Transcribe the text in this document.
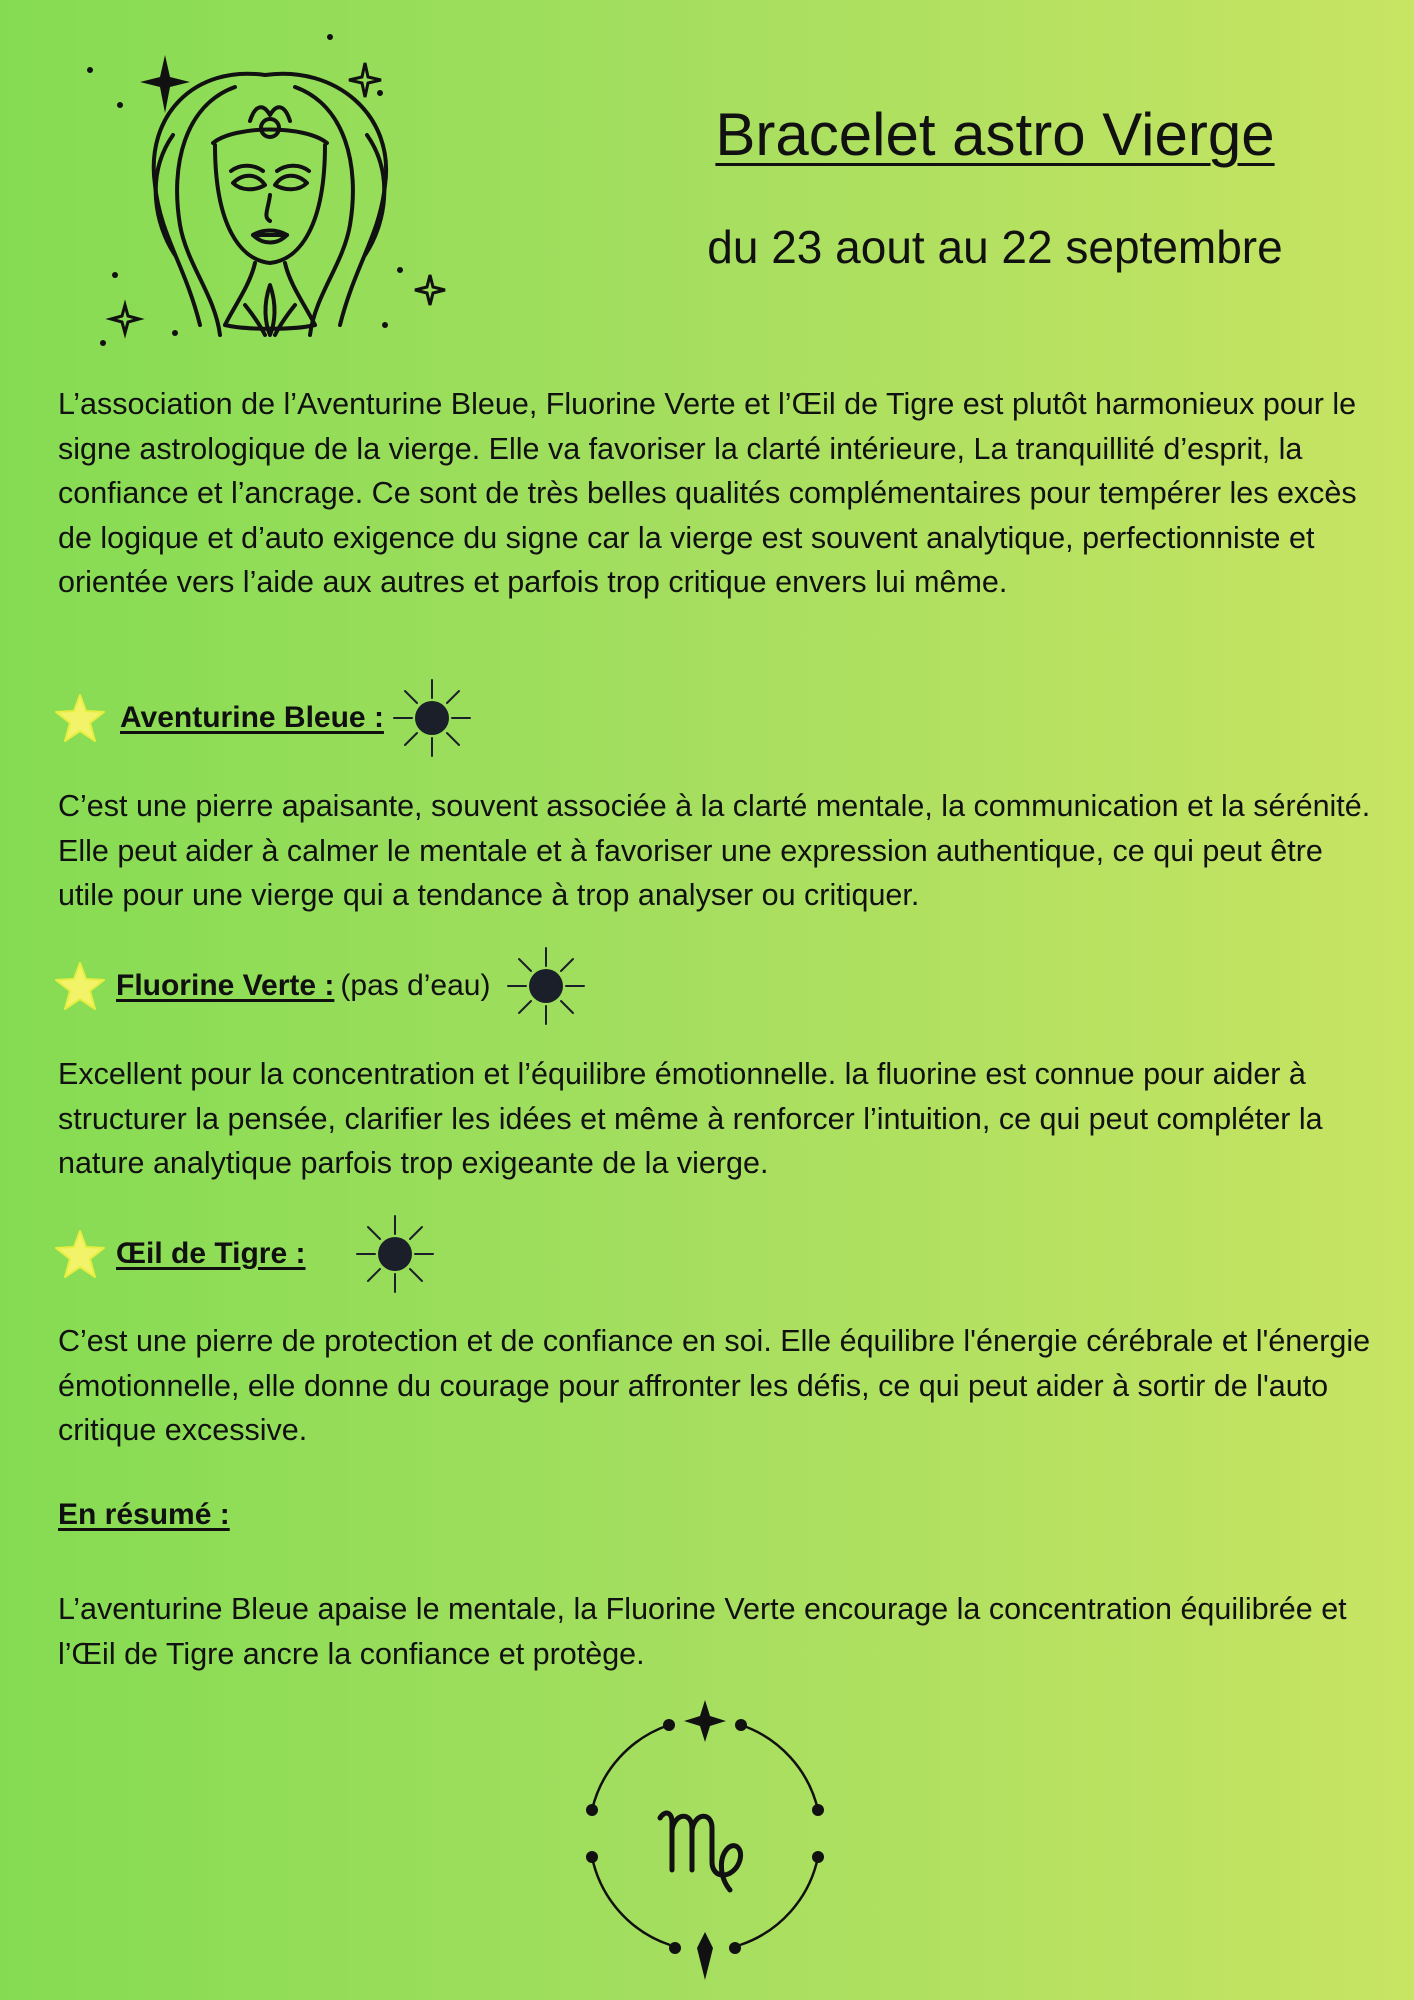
Bracelet astro Vierge
du 23 aout au 22 septembre
L’association de l’Aventurine Bleue, Fluorine Verte et l’Œil de Tigre est plutôt harmonieux pour le signe astrologique de la vierge. Elle va favoriser la clarté intérieure, La tranquillité d’esprit, la confiance et l’ancrage. Ce sont de très belles qualités complémentaires pour tempérer les excès de logique et d’auto exigence du signe car la vierge est souvent analytique, perfectionniste et orientée vers l’aide aux autres et parfois trop critique envers lui même.
Aventurine Bleue :
C’est une pierre apaisante, souvent associée à la clarté mentale, la communication et la sérénité. Elle peut aider à calmer le mentale et à favoriser une expression authentique, ce qui peut être utile pour une vierge qui a tendance à trop analyser ou critiquer.
Fluorine Verte : (pas d’eau)
Excellent pour la concentration et l’équilibre émotionnelle. la fluorine est connue pour aider à structurer la pensée, clarifier les idées et même à renforcer l’intuition, ce qui peut compléter la nature analytique parfois trop exigeante de la vierge.
Œil de Tigre :
C’est une pierre de protection et de confiance en soi. Elle équilibre l'énergie cérébrale et l'énergie émotionnelle, elle donne du courage pour affronter les défis, ce qui peut aider à sortir de l'auto critique excessive.
En résumé :
L’aventurine Bleue apaise le mentale, la Fluorine Verte encourage la concentration équilibrée et l’Œil de Tigre ancre la confiance et protège.
